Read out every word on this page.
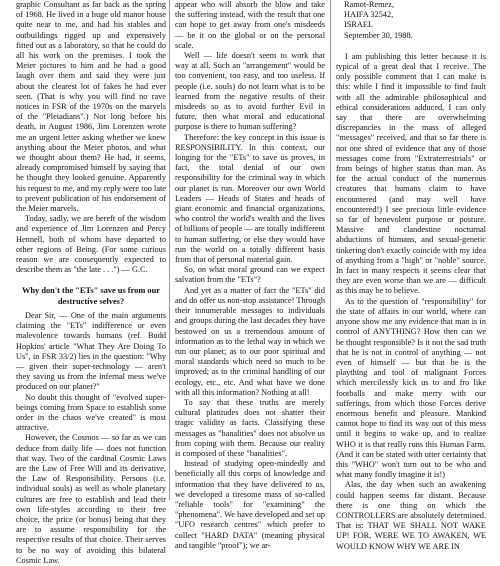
graphic Consultant as far back as the spring of 1968. He lived in a huge old manor house quite near to me, and had his stables and outbuildings rigged up and expensively fitted out as a laboratory, so that he could do all his work on the premises. I took the Meier pictures to him and he had a good laugh over them and said they were just about the clearest lot of fakes he had ever seen. (That is why you will find no rave notices in FSR of the 1970s on the marvels of the "Pleiadians".) Not long before his death, in August 1986, Jim Lorenzen wrote me an urgent letter asking whether we knew anything about the Meier photos, and what we thought about them? He had, it seems, already compromised himself by saying that he thought they looked genuine. Apparently his request to me, and my reply were too late to prevent publication of his endorsement of the Meier marvels.

Today, sadly, we are bereft of the wisdom and experience of Jim Lorenzen and Percy Hennell, both of whom have departed to other regions of Being. (For some curious reason we are consequently expected to describe them as "the late . . .") — G.C.

Why don't the "ETs" save us from our destructive selves?

Dear Sir, — One of the main arguments claiming the "ETs" indifference or even malevolence towards humans (ref. Budd Hopkins' article "What They Are Doing To Us", in FSR 33/2) lies in the question: "Why — given their super-technology — aren't they saving us from the infernal mess we've produced on our planet?"

No doubt this thought of "evolved super-beings coming from Space to establish some order in the chaos we've created" is most attractive.

However, the Cosmos — so far as we can deduce from daily life — does not function that way. Two of the cardinal Cosmic Laws are the Law of Free Will and its derivative, the Law of Responsibility. Persons (i.e. individual souls) as well as whole planetary cultures are free to establish and lead their own life-styles according to their free choice, the price (or bonus) being that they are to assume responsibility for the respective results of that choice. Their serves to be no way of avoiding this bilateral Cosmic Law.

appear who will absorb the blow and take the suffering instead, with the result that one can hope to get away from one's misdeeds — be it on the global or on the personal scale.

Well — life doesn't seem to work that way at all. Such an "arrangement" would be too convenient, too easy, and too useless. If people (i.e. souls) do not learn what is to be learned from the negative results of their misdeeds so as to avoid further Evil in future, then what moral and educational purpose is there to human suffering?

Therefore: the key concept in this issue is RESPONSIBILITY. In this context, our longing for the "ETs" to save us proves, in fact, the total denial of our own responsibility for the criminal way in which our planet is run. Moreover our own World Leaders — Heads of States and heads of giant economic and financial organizations, who control the world's wealth and the lives of billions of people — are totally indifferent to human suffering, or else they would have run the world on a totally different basis from that of personal material gain.

So, on what moral ground can we expect salvation from the "ETs"?

And yet as a matter of fact the "ETs" did and do offer us non-stop assistance! Through their innumerable messages to individuals and groups during the last decades they have bestowed on us a tremendous amount of information as to the lethal way in which we run our planet; as to our poor spiritual and moral standards which need so much to be improved; as to the criminal handling of our ecology, etc., etc. And what have we done with all this information? Nothing at all!

To say that these truths are merely cultural platitudes does not shatter their tragic validity as facts. Classifying these messages as "banalities" does not absolve us from coping with them. Because our reality is composed of these "banalities".

Instead of studying open-mindedly and beneficially all this corps of knowledge and information that they have delivered to us, we developed a tiresome mass of so-called "reliable tools" for "examining" the "phenomena". We have developed and set up "UFO research centres" which prefer to collect "HARD DATA" (meaning physical and tangible "proof"); we ar-

Ramot-Remez,

HAIFA 32542,

ISRAEL

September 30, 1988.

I am publishing this letter because it is typical of a great deal that I receive. The only possible comment that I can make is this: while I find it impossible to find fault with all the admirable philosophical and ethical considerations adduced, I can only say that there are overwhelming discrepancies in the mass of alleged "messages" received, and that so far there is not one shred of evidence that any of those messages come from "Extraterrestrials" or from beings of higher status than man. As for the actual conduct of the numerous creatures that humans claim to have encountered (and may well have encountered!) I see precious little evidence so far of benevolent purpose or posture. Massive and clandestine nocturnal abductions of humans, and sexual-genetic tinkering don't exactly coincide with my idea of anything from a "high" or "noble" source. In fact in many respects it seems clear that they are even worse than we are — difficult as this may be to believe.

As to the question of "responsibility" for the state of affairs in our world, where can anyone show me any evidence that man is in control of ANYTHING? How then can we be thought responsible? Is it not the sad truth that he is not in control of anything — not even of himself — but that he is the plaything and tool of malignant Forces which mercilessly kick us to and fro like footballs and make merry with our sufferings, from which those Forces derive enormous benefit and pleasure. Mankind cannot hope to find its way out of this mess until it begins to wake up, and to realize WHO it is that really runs this Human Farm. (And it can be stated with utter certainty that this "WHO" won't turn out to be who and what many fondly imagine it is!)

Alas, the day when such an awakening could happen seems far distant. Because there is one thing on which the CONTROLLERS are absolutely determined. That is: THAT WE SHALL NOT WAKE UP! FOR, WERE WE TO AWAKEN, WE WOULD KNOW WHY WE ARE IN
